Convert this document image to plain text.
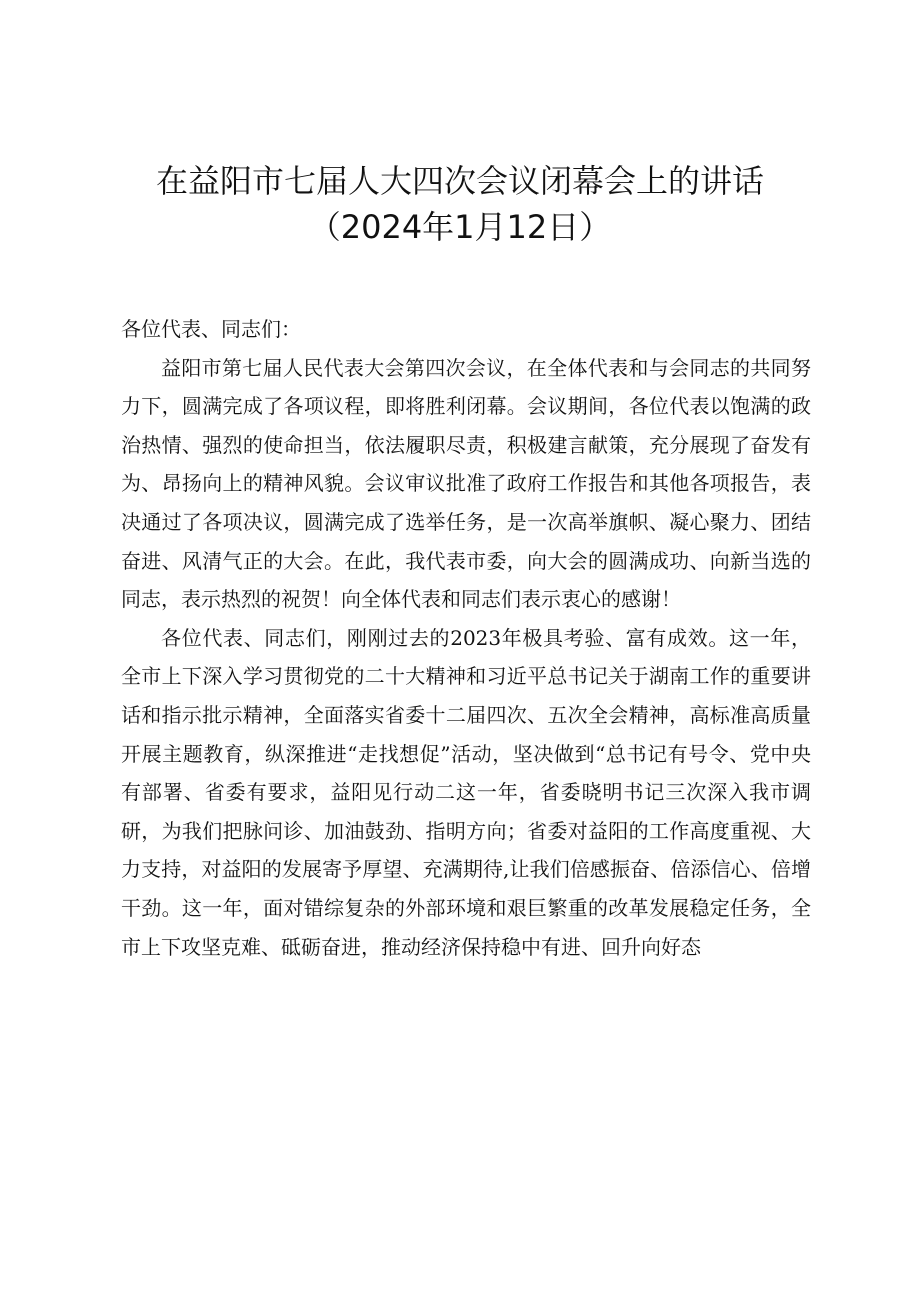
在益阳市七届人大四次会议闭幕会上的讲话
（2024年1月12日）

各位代表、同志们：

益阳市第七届人民代表大会第四次会议，在全体代表和与会同志的共同努力下，圆满完成了各项议程，即将胜利闭幕。会议期间，各位代表以饱满的政治热情、强烈的使命担当，依法履职尽责，积极建言献策，充分展现了奋发有为、昂扬向上的精神风貌。会议审议批准了政府工作报告和其他各项报告，表决通过了各项决议，圆满完成了选举任务，是一次高举旗帜、凝心聚力、团结奋进、风清气正的大会。在此，我代表市委，向大会的圆满成功、向新当选的同志，表示热烈的祝贺！向全体代表和同志们表示衷心的感谢！

各位代表、同志们，刚刚过去的2023年极具考验、富有成效。这一年，全市上下深入学习贯彻党的二十大精神和习近平总书记关于湖南工作的重要讲话和指示批示精神，全面落实省委十二届四次、五次全会精神，高标准高质量开展主题教育，纵深推进“走找想促”活动，坚决做到“总书记有号令、党中央有部署、省委有要求，益阳见行动二这一年，省委晓明书记三次深入我市调研，为我们把脉问诊、加油鼓劲、指明方向；省委对益阳的工作高度重视、大力支持，对益阳的发展寄予厚望、充满期待,让我们倍感振奋、倍添信心、倍增干劲。这一年，面对错综复杂的外部环境和艰巨繁重的改革发展稳定任务，全市上下攻坚克难、砥砺奋进，推动经济保持稳中有进、回升向好态
